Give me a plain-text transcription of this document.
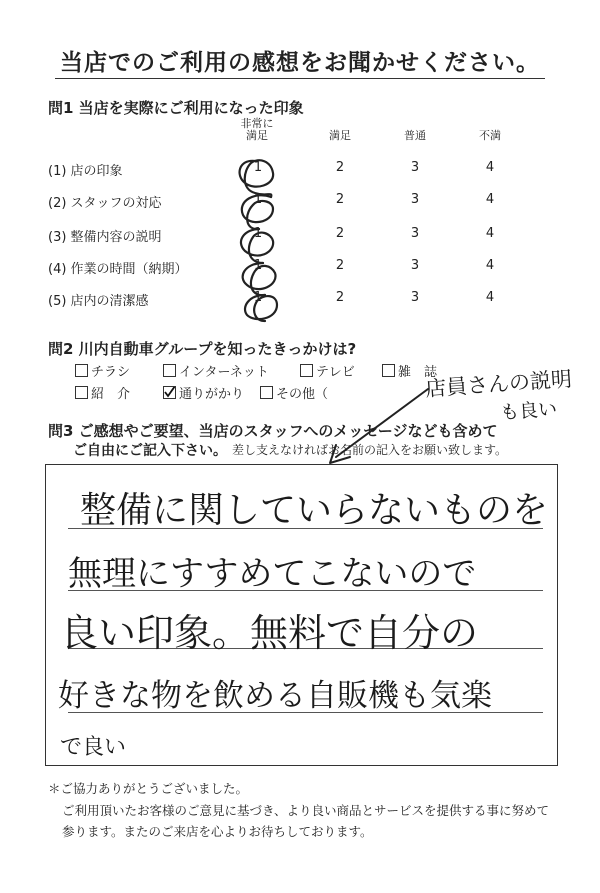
当店でのご利用の感想をお聞かせください。
問1 当店を実際にご利用になった印象
非常に
満足	満足	普通	不満
(1) 店の印象	1	2	3	4
(2) スタッフの対応	1	2	3	4
(3) 整備内容の説明	1	2	3	4
(4) 作業の時間（納期）	1	2	3	4
(5) 店内の清潔感	1	2	3	4
問2 川内自動車グループを知ったきっかけは?
チラシ	インターネット	テレビ	雑　誌
紹　介	通りがかり	その他（	店員さんの説明
も良い
問3 ご感想やご要望、当店のスタッフへのメッセージなども含めて
ご自由にご記入下さい。 差し支えなければお名前の記入をお願い致します。
整備に関していらないものを
無理にすすめてこないので
良い印象。無料で自分の
好きな物を飲める自販機も気楽
で良い
＊ご協力ありがとうございました。
ご利用頂いたお客様のご意見に基づき、より良い商品とサービスを提供する事に努めて
参ります。またのご来店を心よりお待ちしております。
